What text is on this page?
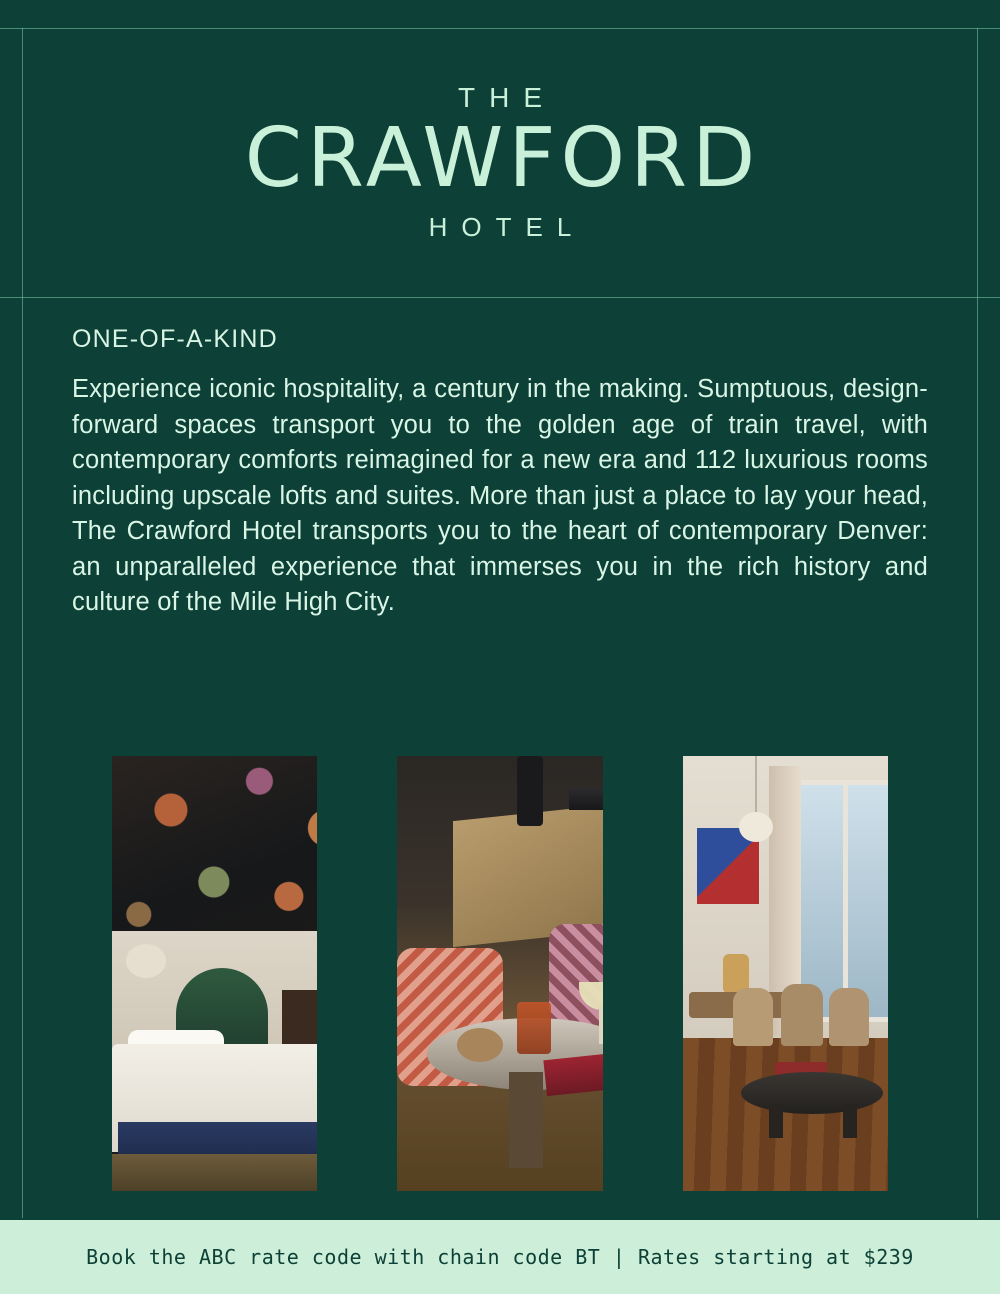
THE
CRAWFORD
HOTEL
ONE-OF-A-KIND

Experience iconic hospitality, a century in the making. Sumptuous, design-forward spaces transport you to the golden age of train travel, with contemporary comforts reimagined for a new era and 112 luxurious rooms including upscale lofts and suites. More than just a place to lay your head, The Crawford Hotel transports you to the heart of contemporary Denver: an unparalleled experience that immerses you in the rich history and culture of the Mile High City.

Book the ABC rate code with chain code BT | Rates starting at $239
